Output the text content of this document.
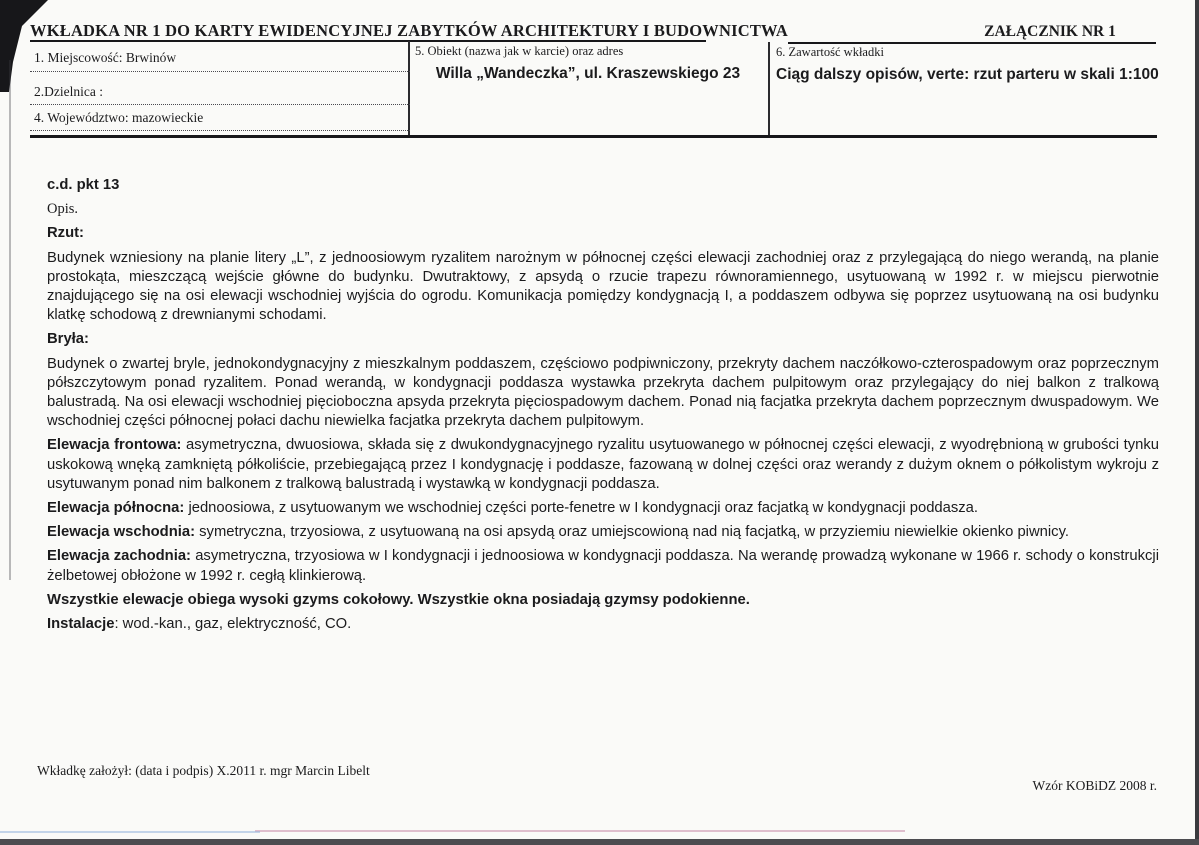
WKŁADKA NR 1 DO KARTY EWIDENCYJNEJ ZABYTKÓW ARCHITEKTURY I BUDOWNICTWA	ZAŁĄCZNIK NR 1
1. Miejscowość: Brwinów
2.Dzielnica :
4. Województwo: mazowieckie
5. Obiekt (nazwa jak w karcie) oraz adres
Willa „Wandeczka”, ul. Kraszewskiego 23
6. Zawartość wkładki
Ciąg dalszy opisów, verte: rzut parteru w skali 1:100

c.d. pkt 13

Opis.

Rzut:

Budynek wzniesiony na planie litery „L”, z jednoosiowym ryzalitem narożnym w północnej części elewacji zachodniej oraz z przylegającą do niego werandą, na planie prostokąta, mieszczącą wejście główne do budynku. Dwutraktowy, z apsydą o rzucie trapezu równoramiennego, usytuowaną w 1992 r. w miejscu pierwotnie znajdującego się na osi elewacji wschodniej wyjścia do ogrodu. Komunikacja pomiędzy kondygnacją I, a poddaszem odbywa się poprzez usytuowaną na osi budynku klatkę schodową z drewnianymi schodami.

Bryła:

Budynek o zwartej bryle, jednokondygnacyjny z mieszkalnym poddaszem, częściowo podpiwniczony, przekryty dachem naczółkowo-czterospadowym oraz poprzecznym półszczytowym ponad ryzalitem. Ponad werandą, w kondygnacji poddasza wystawka przekryta dachem pulpitowym oraz przylegający do niej balkon z tralkową balustradą. Na osi elewacji wschodniej pięcioboczna apsyda przekryta pięciospadowym dachem. Ponad nią facjatka przekryta dachem poprzecznym dwuspadowym. We wschodniej części północnej połaci dachu niewielka facjatka przekryta dachem pulpitowym.

Elewacja frontowa: asymetryczna, dwuosiowa, składa się z dwukondygnacyjnego ryzalitu usytuowanego w północnej części elewacji, z wyodrębnioną w grubości tynku uskokową wnęką zamkniętą półkoliście, przebiegającą przez I kondygnację i poddasze, fazowaną w dolnej części oraz werandy z dużym oknem o półkolistym wykroju z usytuwanym ponad nim balkonem z tralkową balustradą i wystawką w kondygnacji poddasza.

Elewacja północna: jednoosiowa, z usytuowanym we wschodniej części porte-fenetre w I kondygnacji oraz facjatką w kondygnacji poddasza.

Elewacja wschodnia: symetryczna, trzyosiowa, z usytuowaną na osi apsydą oraz umiejscowioną nad nią facjatką, w przyziemiu niewielkie okienko piwnicy.

Elewacja zachodnia: asymetryczna, trzyosiowa w I kondygnacji i jednoosiowa w kondygnacji poddasza. Na werandę prowadzą wykonane w 1966 r. schody o konstrukcji żelbetowej obłożone w 1992 r. cegłą klinkierową.

Wszystkie elewacje obiega wysoki gzyms cokołowy. Wszystkie okna posiadają gzymsy podokienne.

Instalacje: wod.-kan., gaz, elektryczność, CO.

Wkładkę założył: (data i podpis) X.2011 r. mgr Marcin Libelt
Wzór KOBiDZ 2008 r.
